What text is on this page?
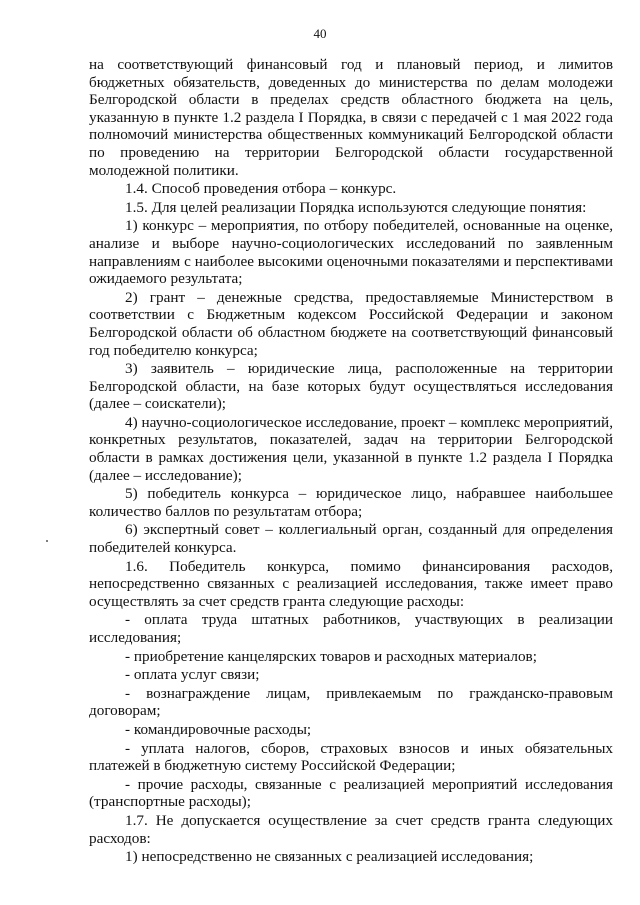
40

на соответствующий финансовый год и плановый период, и лимитов бюджетных обязательств, доведенных до министерства по делам молодежи Белгородской области в пределах средств областного бюджета на цель, указанную в пункте 1.2 раздела I Порядка, в связи с передачей с 1 мая 2022 года полномочий министерства общественных коммуникаций Белгородской области по проведению на территории Белгородской области государственной молодежной политики.

1.4. Способ проведения отбора – конкурс.

1.5. Для целей реализации Порядка используются следующие понятия:

1) конкурс – мероприятия, по отбору победителей, основанные на оценке, анализе и выборе научно-социологических исследований по заявленным направлениям с наиболее высокими оценочными показателями и перспективами ожидаемого результата;

2) грант – денежные средства, предоставляемые Министерством в соответствии с Бюджетным кодексом Российской Федерации и законом Белгородской области об областном бюджете на соответствующий финансовый год победителю конкурса;

3) заявитель – юридические лица, расположенные на территории Белгородской области, на базе которых будут осуществляться исследования (далее – соискатели);

4) научно-социологическое исследование, проект – комплекс мероприятий, конкретных результатов, показателей, задач на территории Белгородской области в рамках достижения цели, указанной в пункте 1.2 раздела I Порядка (далее – исследование);

5) победитель конкурса – юридическое лицо, набравшее наибольшее количество баллов по результатам отбора;

6) экспертный совет – коллегиальный орган, созданный для определения победителей конкурса.

1.6. Победитель конкурса, помимо финансирования расходов, непосредственно связанных с реализацией исследования, также имеет право осуществлять за счет средств гранта следующие расходы:

- оплата труда штатных работников, участвующих в реализации исследования;

- приобретение канцелярских товаров и расходных материалов;

- оплата услуг связи;

- вознаграждение лицам, привлекаемым по гражданско-правовым договорам;

- командировочные расходы;

- уплата налогов, сборов, страховых взносов и иных обязательных платежей в бюджетную систему Российской Федерации;

- прочие расходы, связанные с реализацией мероприятий исследования (транспортные расходы);

1.7. Не допускается осуществление за счет средств гранта следующих расходов:

1) непосредственно не связанных с реализацией исследования;
